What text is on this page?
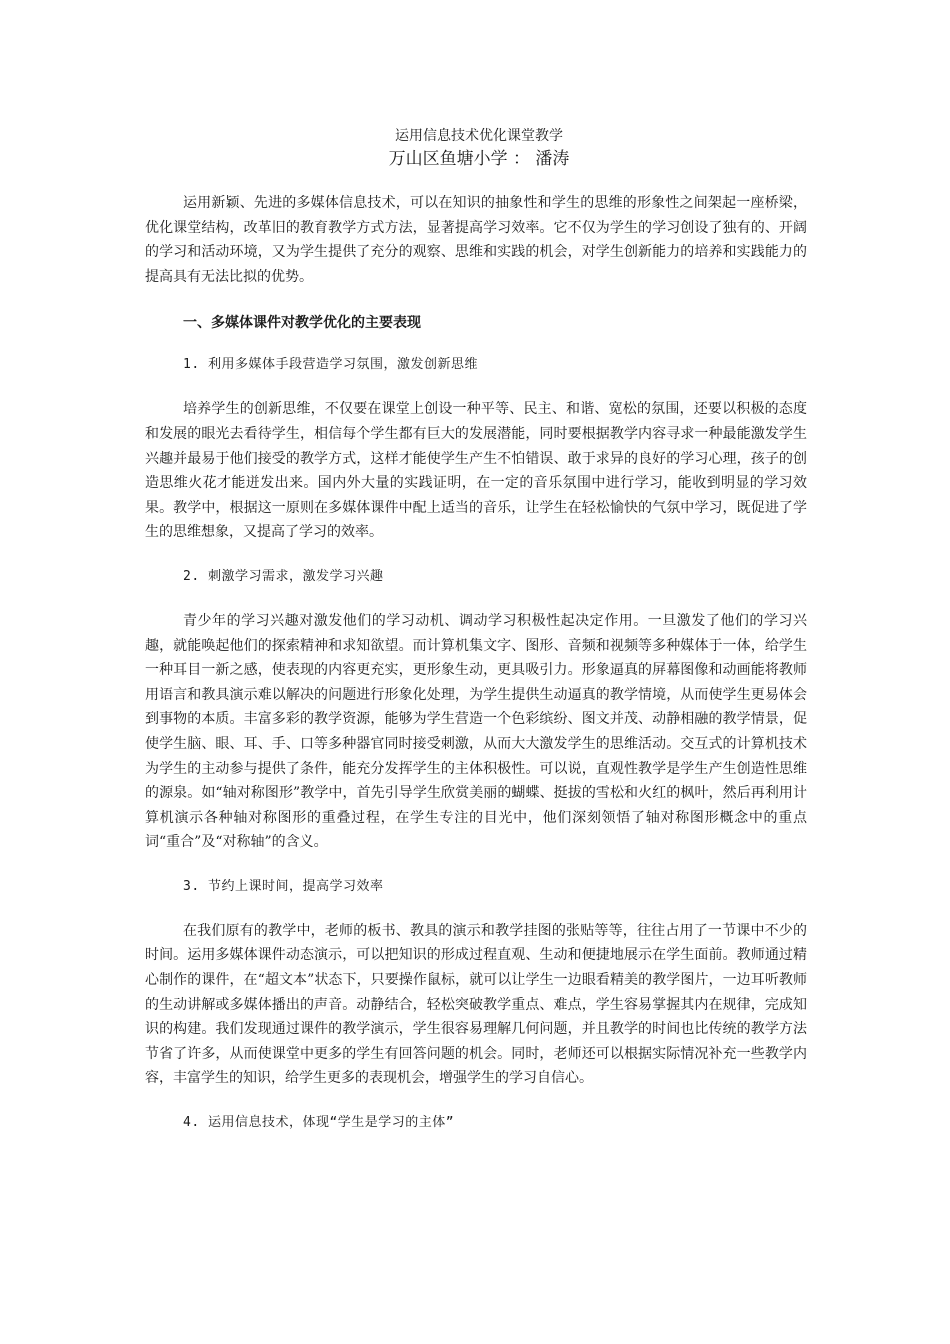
运用信息技术优化课堂教学

万山区鱼塘小学 ： 潘涛

运用新颖、先进的多媒体信息技术，可以在知识的抽象性和学生的思维的形象性之间架起一座桥梁，优化课堂结构，改革旧的教育教学方式方法，显著提高学习效率。它不仅为学生的学习创设了独有的、开阔的学习和活动环境，又为学生提供了充分的观察、思维和实践的机会，对学生创新能力的培养和实践能力的提高具有无法比拟的优势。

一、多媒体课件对教学优化的主要表现

1. 利用多媒体手段营造学习氛围，激发创新思维

培养学生的创新思维，不仅要在课堂上创设一种平等、民主、和谐、宽松的氛围，还要以积极的态度和发展的眼光去看待学生，相信每个学生都有巨大的发展潜能，同时要根据教学内容寻求一种最能激发学生兴趣并最易于他们接受的教学方式，这样才能使学生产生不怕错误、敢于求异的良好的学习心理，孩子的创造思维火花才能迸发出来。国内外大量的实践证明，在一定的音乐氛围中进行学习，能收到明显的学习效果。教学中，根据这一原则在多媒体课件中配上适当的音乐，让学生在轻松愉快的气氛中学习，既促进了学生的思维想象，又提高了学习的效率。

2. 刺激学习需求，激发学习兴趣

青少年的学习兴趣对激发他们的学习动机、调动学习积极性起决定作用。一旦激发了他们的学习兴趣，就能唤起他们的探索精神和求知欲望。而计算机集文字、图形、音频和视频等多种媒体于一体，给学生一种耳目一新之感，使表现的内容更充实，更形象生动，更具吸引力。形象逼真的屏幕图像和动画能将教师用语言和教具演示难以解决的问题进行形象化处理，为学生提供生动逼真的教学情境，从而使学生更易体会到事物的本质。丰富多彩的教学资源，能够为学生营造一个色彩缤纷、图文并茂、动静相融的教学情景，促使学生脑、眼、耳、手、口等多种器官同时接受刺激，从而大大激发学生的思维活动。交互式的计算机技术为学生的主动参与提供了条件，能充分发挥学生的主体积极性。可以说，直观性教学是学生产生创造性思维的源泉。如“轴对称图形”教学中，首先引导学生欣赏美丽的蝴蝶、挺拔的雪松和火红的枫叶，然后再利用计算机演示各种轴对称图形的重叠过程，在学生专注的目光中，他们深刻领悟了轴对称图形概念中的重点词“重合”及“对称轴”的含义。

3. 节约上课时间，提高学习效率

在我们原有的教学中，老师的板书、教具的演示和教学挂图的张贴等等，往往占用了一节课中不少的时间。运用多媒体课件动态演示，可以把知识的形成过程直观、生动和便捷地展示在学生面前。教师通过精心制作的课件，在“超文本”状态下，只要操作鼠标，就可以让学生一边眼看精美的教学图片，一边耳听教师的生动讲解或多媒体播出的声音。动静结合，轻松突破教学重点、难点，学生容易掌握其内在规律，完成知识的构建。我们发现通过课件的教学演示，学生很容易理解几何问题，并且教学的时间也比传统的教学方法节省了许多，从而使课堂中更多的学生有回答问题的机会。同时，老师还可以根据实际情况补充一些教学内容，丰富学生的知识，给学生更多的表现机会，增强学生的学习自信心。

4. 运用信息技术，体现“学生是学习的主体”
